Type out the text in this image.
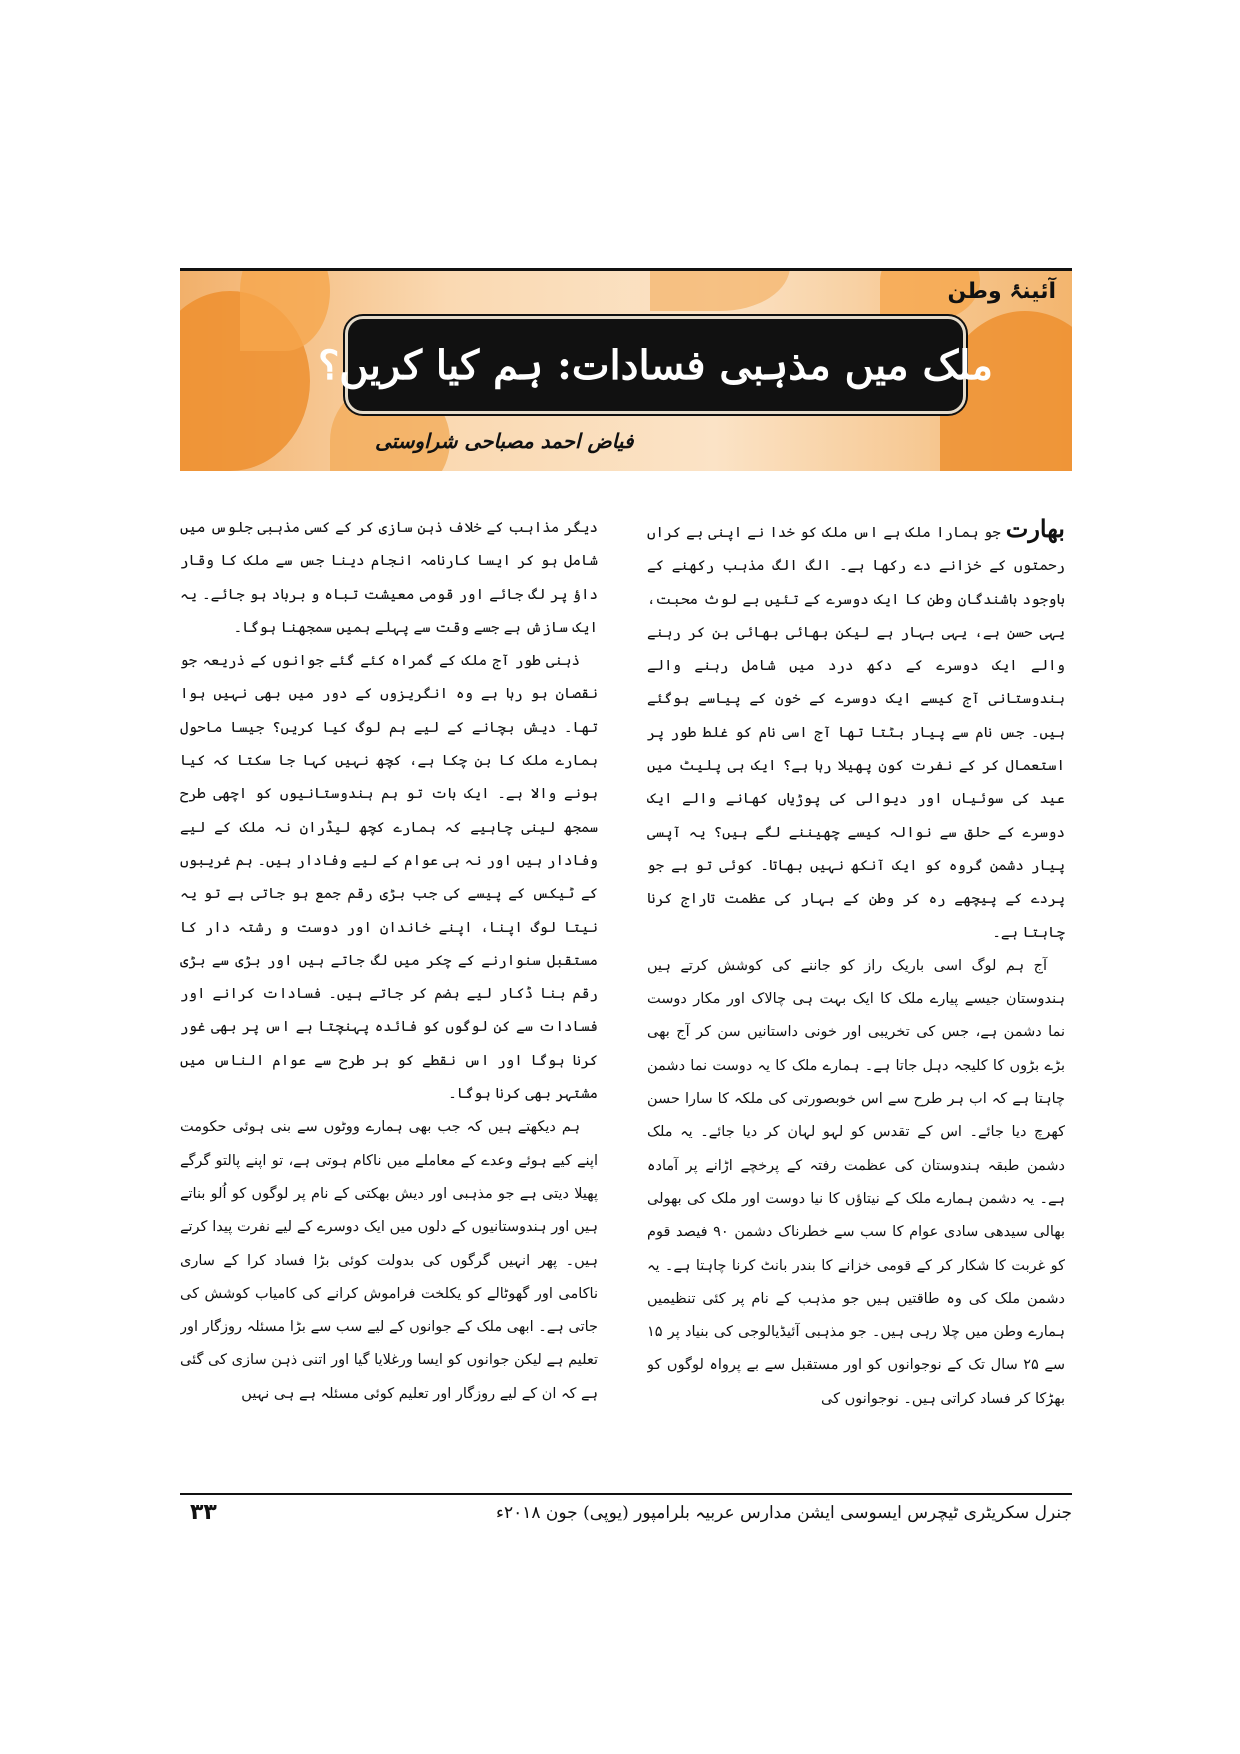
آئینۂ وطن
ملک میں مذہبی فسادات: ہم کیا کریں؟
فیاض احمد مصباحی شراوستی

بھارت جو ہمارا ملک ہے اس ملک کو خدا نے اپنی بے کراں رحمتوں کے خزانے دے رکھا ہے۔ الگ الگ مذہب رکھنے کے باوجود باشندگان وطن کا ایک دوسرے کے تئیں بے لوث محبت، یہی حسن ہے، یہی بہار ہے لیکن بھائی بھائی بن کر رہنے والے ایک دوسرے کے دکھ درد میں شامل رہنے والے ہندوستانی آج کیسے ایک دوسرے کے خون کے پیاسے ہوگئے ہیں۔ جس نام سے پیار بٹتا تھا آج اسی نام کو غلط طور پر استعمال کر کے نفرت کون پھیلا رہا ہے؟ ایک ہی پلیٹ میں عید کی سوئیاں اور دیوالی کی پوڑیاں کھانے والے ایک دوسرے کے حلق سے نوالہ کیسے چھیننے لگے ہیں؟ یہ آپسی پیار دشمن گروہ کو ایک آنکھ نہیں بھاتا۔ کوئی تو ہے جو پردے کے پیچھے رہ کر وطن کے بہار کی عظمت تاراج کرنا چاہتا ہے۔

آج ہم لوگ اسی باریک راز کو جاننے کی کوشش کرتے ہیں ہندوستان جیسے پیارے ملک کا ایک بہت ہی چالاک اور مکار دوست نما دشمن ہے، جس کی تخریبی اور خونی داستانیں سن کر آج بھی بڑے بڑوں کا کلیجہ دہل جاتا ہے۔ ہمارے ملک کا یہ دوست نما دشمن چاہتا ہے کہ اب ہر طرح سے اس خوبصورتی کی ملکہ کا سارا حسن کھرچ دیا جائے۔ اس کے تقدس کو لہو لہان کر دیا جائے۔ یہ ملک دشمن طبقہ ہندوستان کی عظمت رفتہ کے پرخچے اڑانے پر آمادہ ہے۔ یہ دشمن ہمارے ملک کے نیتاؤں کا نیا دوست اور ملک کی بھولی بھالی سیدھی سادی عوام کا سب سے خطرناک دشمن ۹۰ فیصد قوم کو غربت کا شکار کر کے قومی خزانے کا بندر بانٹ کرنا چاہتا ہے۔ یہ دشمن ملک کی وہ طاقتیں ہیں جو مذہب کے نام پر کئی تنظیمیں ہمارے وطن میں چلا رہی ہیں۔ جو مذہبی آئیڈیالوجی کی بنیاد پر ۱۵ سے ۲۵ سال تک کے نوجوانوں کو اور مستقبل سے بے پرواہ لوگوں کو بھڑکا کر فساد کراتی ہیں۔ نوجوانوں کی

دیگر مذاہب کے خلاف ذہن سازی کر کے کسی مذہبی جلوس میں شامل ہو کر ایسا کارنامہ انجام دینا جس سے ملک کا وقار داؤ پر لگ جائے اور قومی معیشت تباہ و برباد ہو جائے۔ یہ ایک سازش ہے جسے وقت سے پہلے ہمیں سمجھنا ہوگا۔

ذہنی طور آج ملک کے گمراہ کئے گئے جوانوں کے ذریعہ جو نقصان ہو رہا ہے وہ انگریزوں کے دور میں بھی نہیں ہوا تھا۔ دیش بچانے کے لیے ہم لوگ کیا کریں؟ جیسا ماحول ہمارے ملک کا بن چکا ہے، کچھ نہیں کہا جا سکتا کہ کیا ہونے والا ہے۔ ایک بات تو ہم ہندوستانیوں کو اچھی طرح سمجھ لینی چاہیے کہ ہمارے کچھ لیڈران نہ ملک کے لیے وفادار ہیں اور نہ ہی عوام کے لیے وفادار ہیں۔ ہم غریبوں کے ٹیکس کے پیسے کی جب بڑی رقم جمع ہو جاتی ہے تو یہ نیتا لوگ اپنا، اپنے خاندان اور دوست و رشتہ دار کا مستقبل سنوارنے کے چکر میں لگ جاتے ہیں اور بڑی سے بڑی رقم بنا ڈکار لیے ہضم کر جاتے ہیں۔ فسادات کرانے اور فسادات سے کن لوگوں کو فائدہ پہنچتا ہے اس پر بھی غور کرنا ہوگا اور اس نقطے کو ہر طرح سے عوام الناس میں مشتہر بھی کرنا ہوگا۔

ہم دیکھتے ہیں کہ جب بھی ہمارے ووٹوں سے بنی ہوئی حکومت اپنے کیے ہوئے وعدے کے معاملے میں ناکام ہوتی ہے، تو اپنے پالتو گرگے پھیلا دیتی ہے جو مذہبی اور دیش بھکتی کے نام پر لوگوں کو اُلو بناتے ہیں اور ہندوستانیوں کے دلوں میں ایک دوسرے کے لیے نفرت پیدا کرتے ہیں۔ پھر انہیں گرگوں کی بدولت کوئی بڑا فساد کرا کے ساری ناکامی اور گھوٹالے کو یکلخت فراموش کرانے کی کامیاب کوشش کی جاتی ہے۔ ابھی ملک کے جوانوں کے لیے سب سے بڑا مسئلہ روزگار اور تعلیم ہے لیکن جوانوں کو ایسا ورغلایا گیا اور اتنی ذہن سازی کی گئی ہے کہ ان کے لیے روزگار اور تعلیم کوئی مسئلہ ہے ہی نہیں

جنرل سکریٹری ٹیچرس ایسوسی ایشن مدارس عربیہ بلرامپور (یوپی) جون ۲۰۱۸ء
۳۳
